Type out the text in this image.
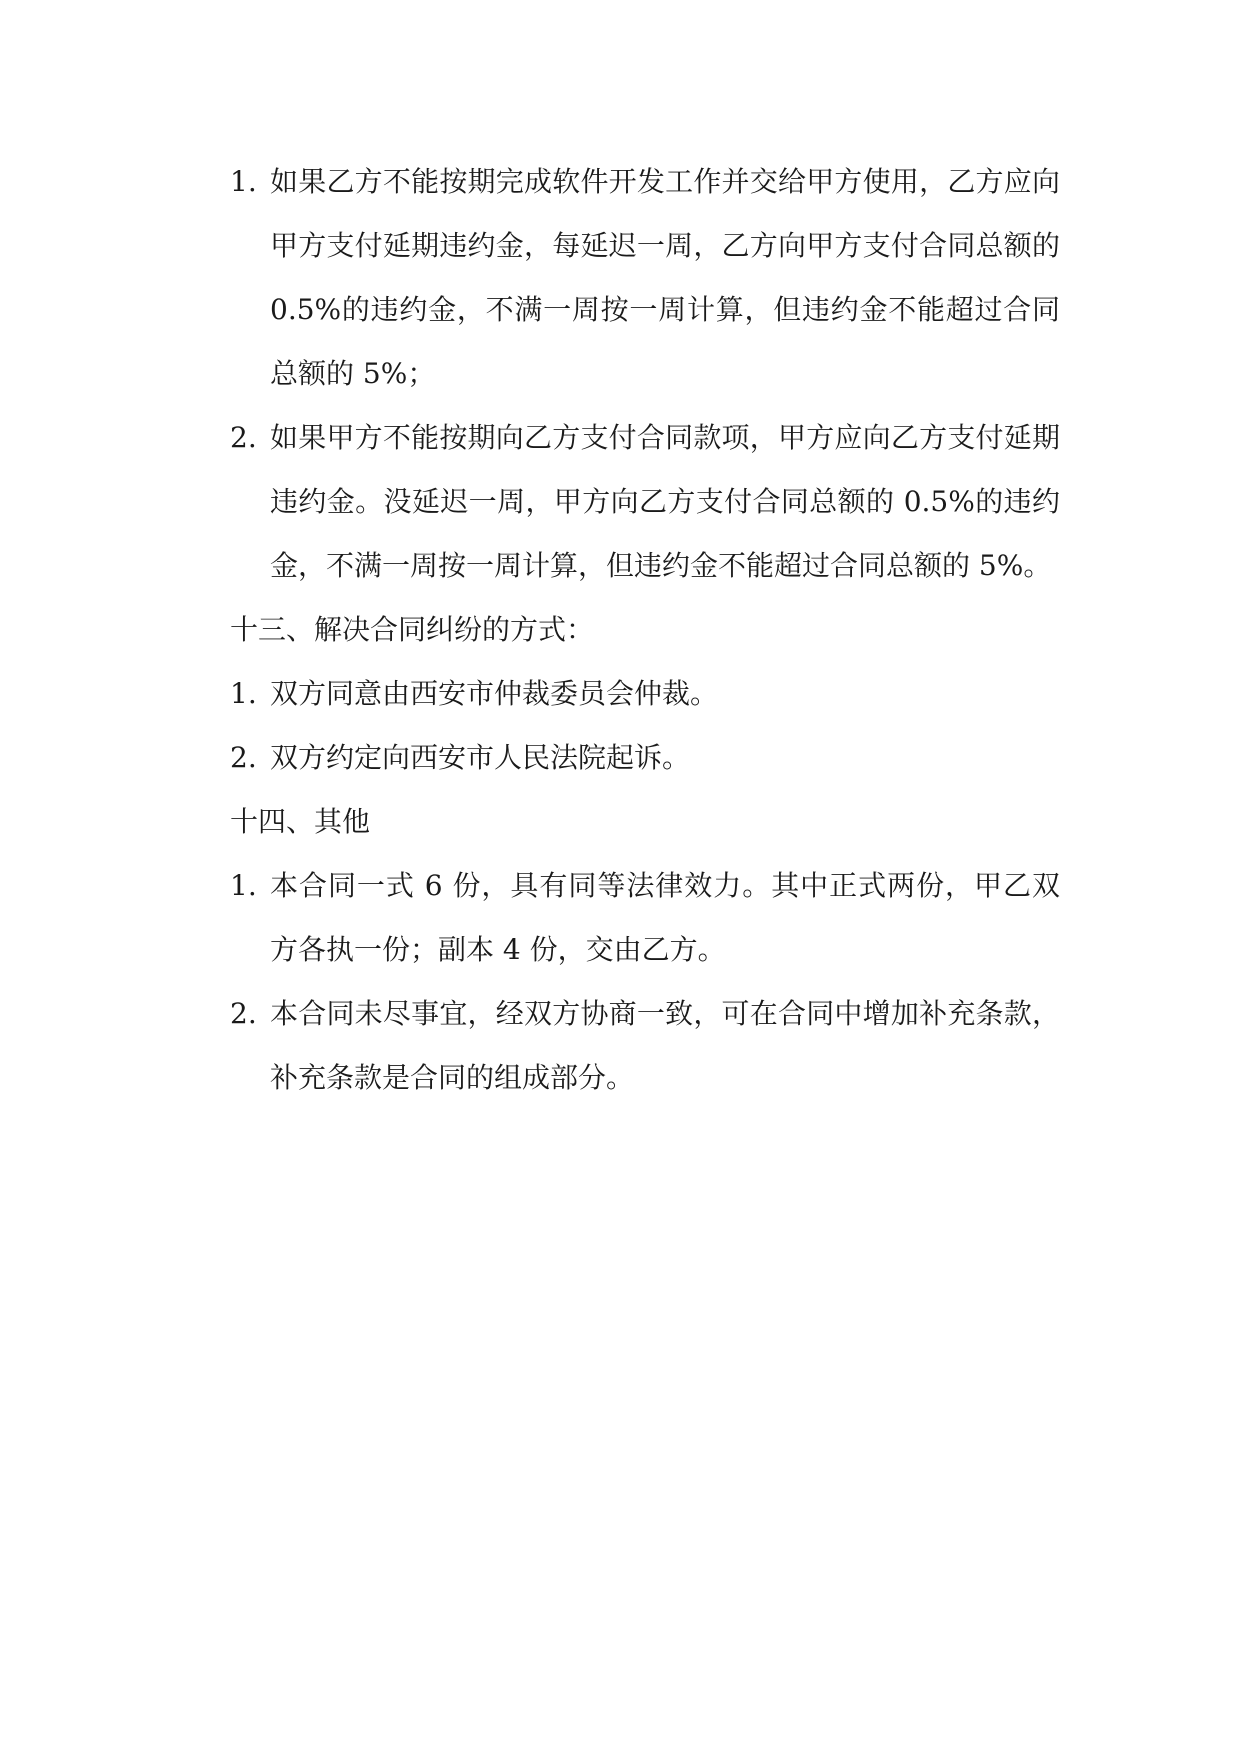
1. 如果乙方不能按期完成软件开发工作并交给甲方使用，乙方应向甲方支付延期违约金，每延迟一周，乙方向甲方支付合同总额的 0.5%的违约金，不满一周按一周计算，但违约金不能超过合同总额的 5%；
2. 如果甲方不能按期向乙方支付合同款项，甲方应向乙方支付延期违约金。没延迟一周，甲方向乙方支付合同总额的 0.5%的违约金，不满一周按一周计算，但违约金不能超过合同总额的 5%。

十三、解决合同纠纷的方式：

1. 双方同意由西安市仲裁委员会仲裁。
2. 双方约定向西安市人民法院起诉。

十四、其他

1. 本合同一式 6 份，具有同等法律效力。其中正式两份，甲乙双方各执一份；副本 4 份，交由乙方。
2. 本合同未尽事宜，经双方协商一致，可在合同中增加补充条款，补充条款是合同的组成部分。
